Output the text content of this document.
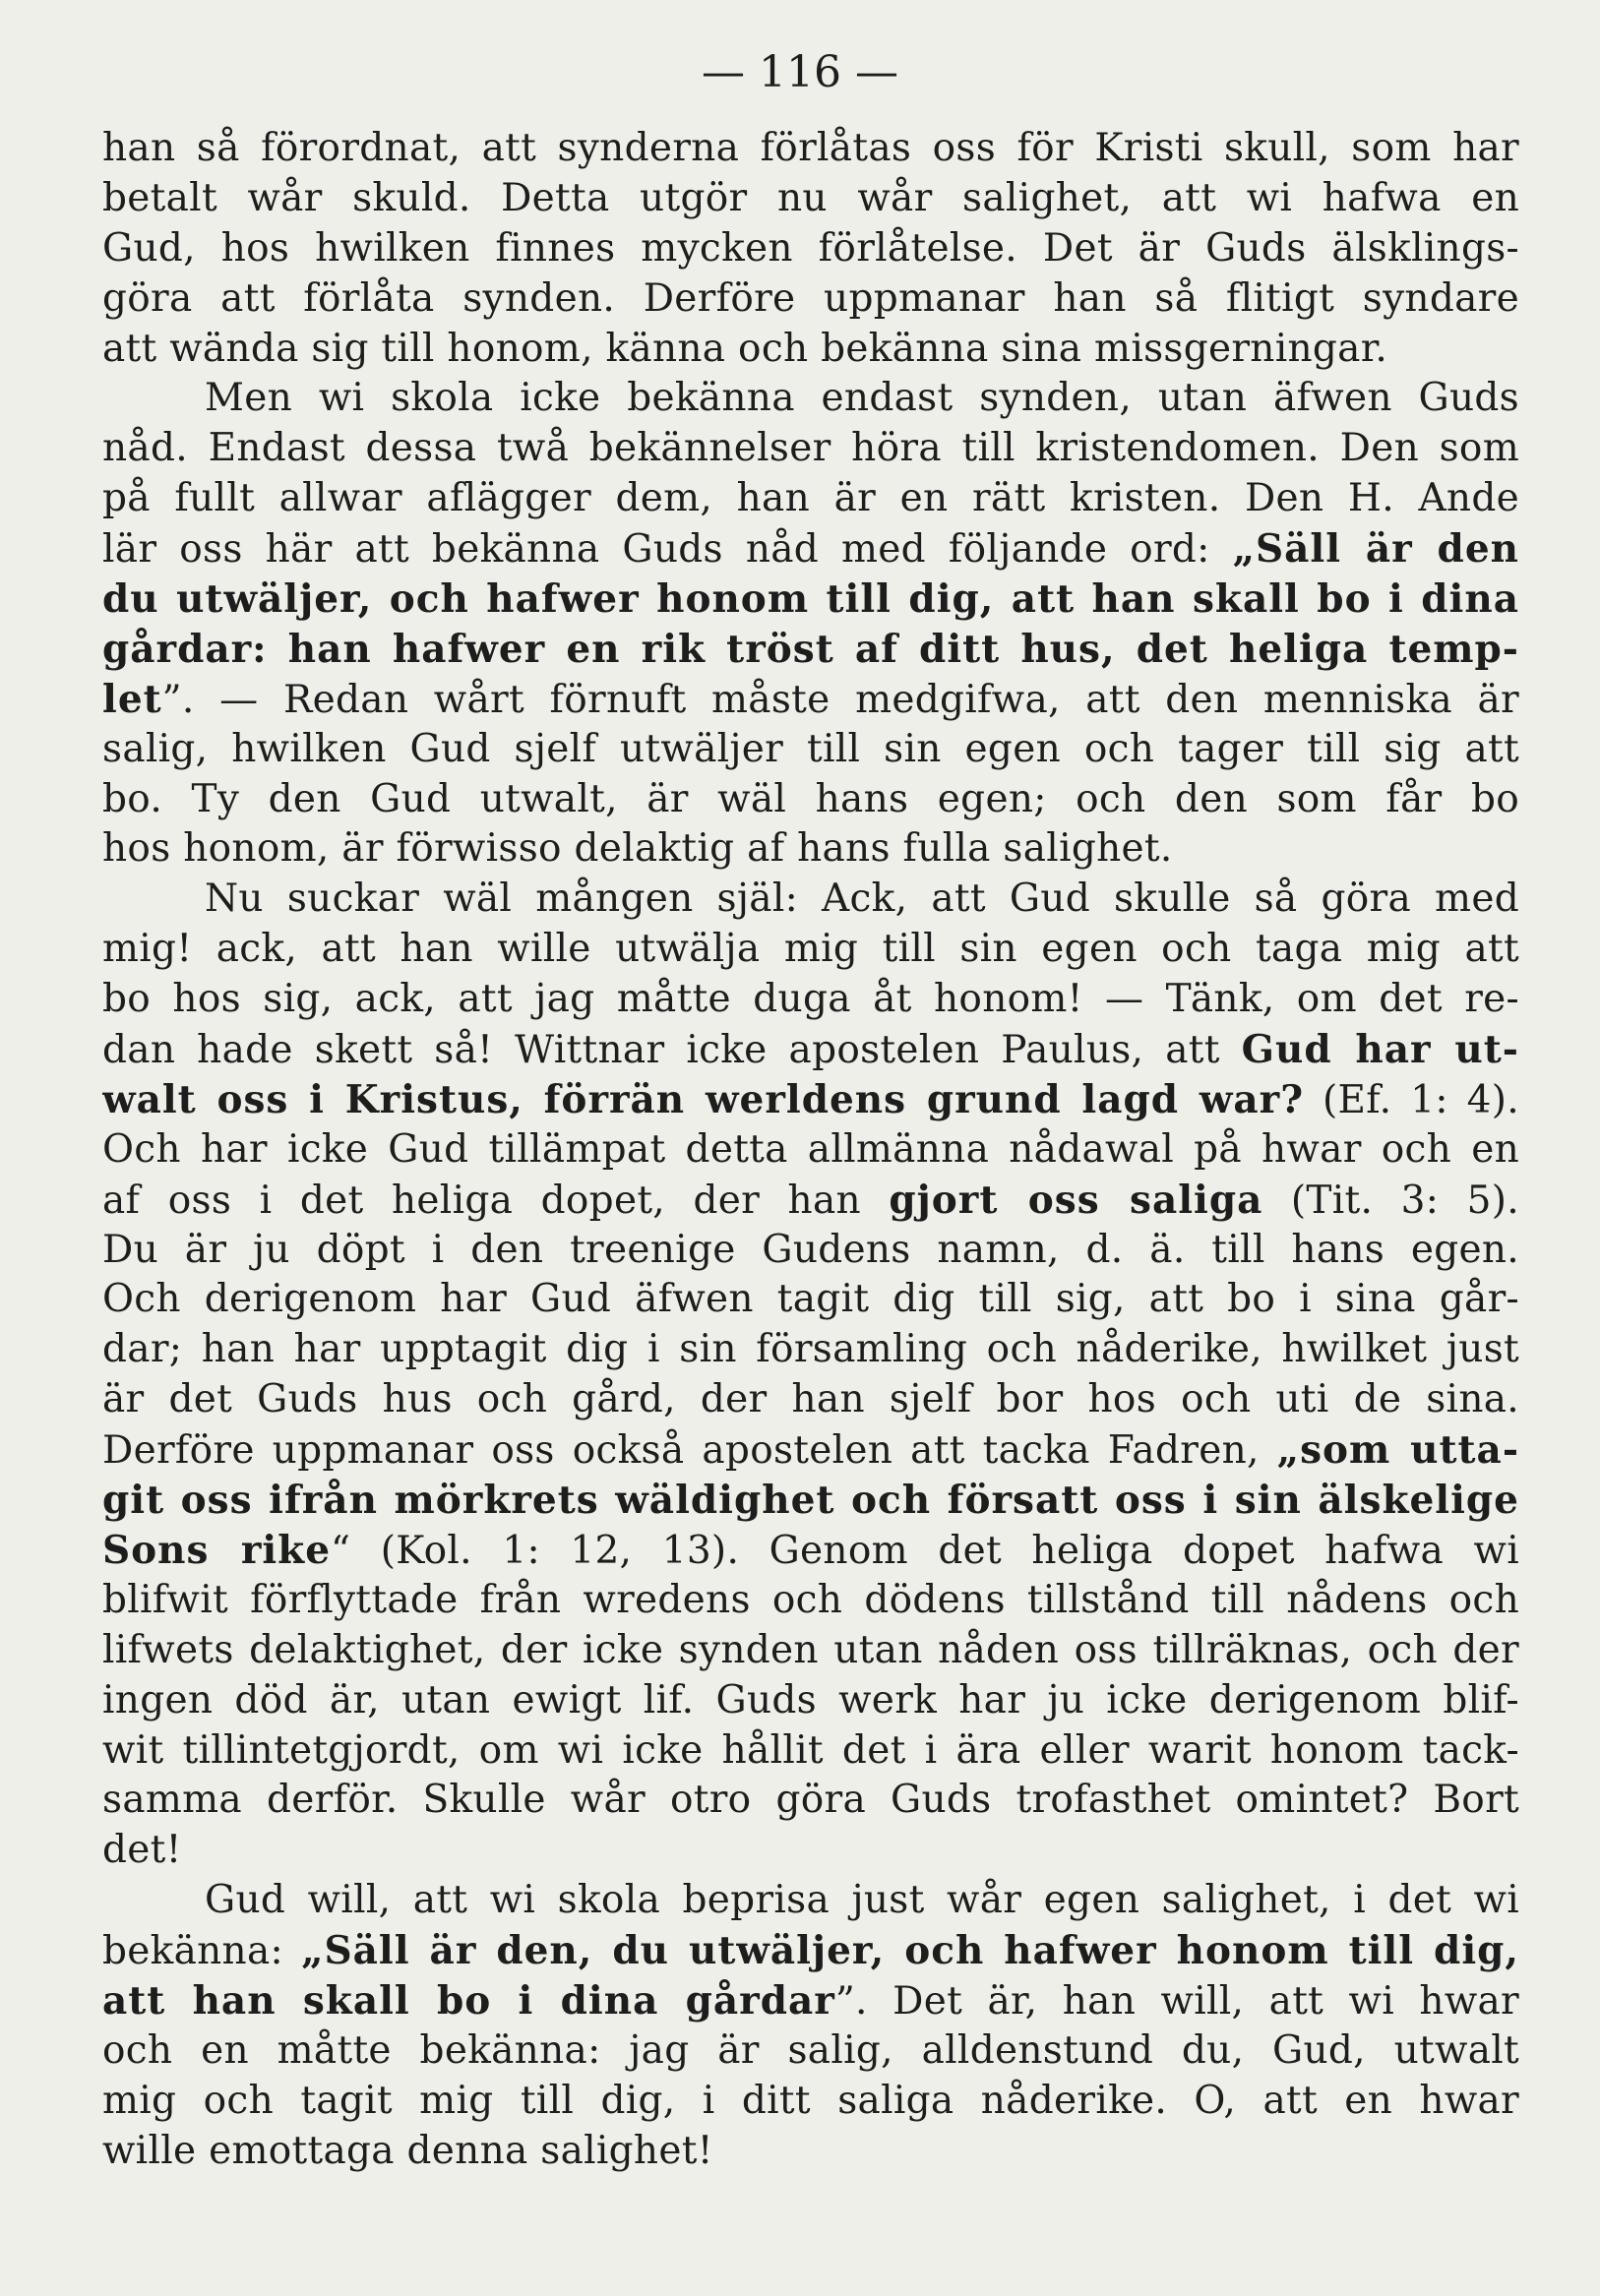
— 116 —
han så förordnat, att synderna förlåtas oss för Kristi skull, som har
betalt wår skuld. Detta utgör nu wår salighet, att wi hafwa en
Gud, hos hwilken finnes mycken förlåtelse. Det är Guds älsklings-
göra att förlåta synden. Derföre uppmanar han så flitigt syndare
att wända sig till honom, känna och bekänna sina missgerningar.
Men wi skola icke bekänna endast synden, utan äfwen Guds
nåd. Endast dessa twå bekännelser höra till kristendomen. Den som
på fullt allwar aflägger dem, han är en rätt kristen. Den H. Ande
lär oss här att bekänna Guds nåd med följande ord: „Säll är den
du utwäljer, och hafwer honom till dig, att han skall bo i dina
gårdar: han hafwer en rik tröst af ditt hus, det heliga temp-
let”. — Redan wårt förnuft måste medgifwa, att den menniska är
salig, hwilken Gud sjelf utwäljer till sin egen och tager till sig att
bo. Ty den Gud utwalt, är wäl hans egen; och den som får bo
hos honom, är förwisso delaktig af hans fulla salighet.
Nu suckar wäl mången själ: Ack, att Gud skulle så göra med
mig! ack, att han wille utwälja mig till sin egen och taga mig att
bo hos sig, ack, att jag måtte duga åt honom! — Tänk, om det re-
dan hade skett så! Wittnar icke apostelen Paulus, att Gud har ut-
walt oss i Kristus, förrän werldens grund lagd war? (Ef. 1: 4).
Och har icke Gud tillämpat detta allmänna nådawal på hwar och en
af oss i det heliga dopet, der han gjort oss saliga (Tit. 3: 5).
Du är ju döpt i den treenige Gudens namn, d. ä. till hans egen.
Och derigenom har Gud äfwen tagit dig till sig, att bo i sina går-
dar; han har upptagit dig i sin församling och nåderike, hwilket just
är det Guds hus och gård, der han sjelf bor hos och uti de sina.
Derföre uppmanar oss också apostelen att tacka Fadren, „som utta-
git oss ifrån mörkrets wäldighet och försatt oss i sin älskelige
Sons rike“ (Kol. 1: 12, 13). Genom det heliga dopet hafwa wi
blifwit förflyttade från wredens och dödens tillstånd till nådens och
lifwets delaktighet, der icke synden utan nåden oss tillräknas, och der
ingen död är, utan ewigt lif. Guds werk har ju icke derigenom blif-
wit tillintetgjordt, om wi icke hållit det i ära eller warit honom tack-
samma derför. Skulle wår otro göra Guds trofasthet omintet? Bort
det!
Gud will, att wi skola beprisa just wår egen salighet, i det wi
bekänna: „Säll är den, du utwäljer, och hafwer honom till dig,
att han skall bo i dina gårdar”. Det är, han will, att wi hwar
och en måtte bekänna: jag är salig, alldenstund du, Gud, utwalt
mig och tagit mig till dig, i ditt saliga nåderike. O, att en hwar
wille emottaga denna salighet!
